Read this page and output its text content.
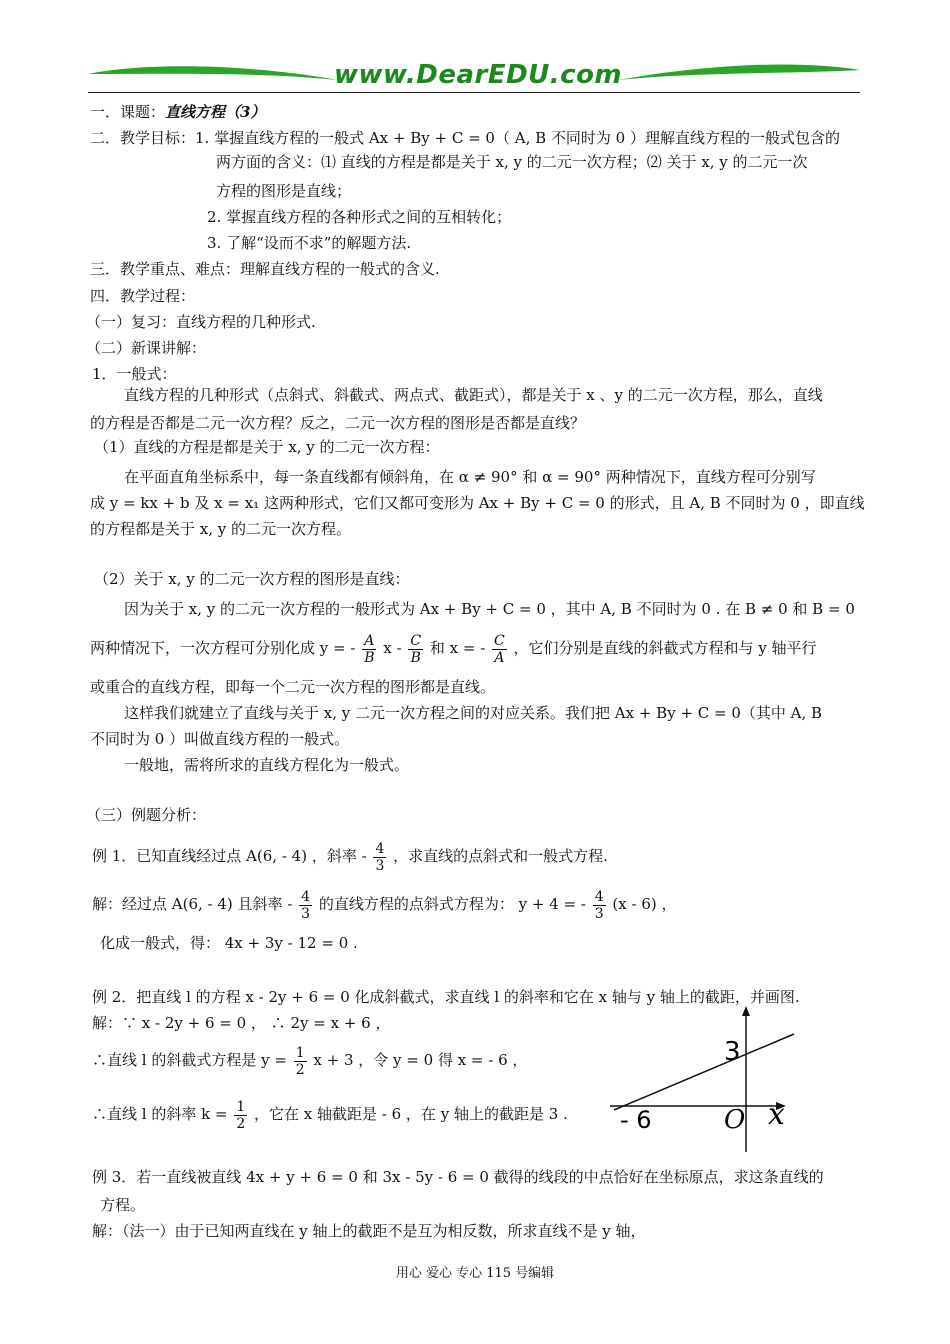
www.DearEDU.com
一．课题：直线方程（3）
二．教学目标：1. 掌握直线方程的一般式 Ax + By + C = 0（ A, B 不同时为 0 ）理解直线方程的一般式包含的
两方面的含义：⑴ 直线的方程是都是关于 x, y 的二元一次方程；⑵ 关于 x, y 的二元一次
方程的图形是直线；
2. 掌握直线方程的各种形式之间的互相转化；
3. 了解“设而不求”的解题方法.
三．教学重点、难点：理解直线方程的一般式的含义.
四．教学过程：
（一）复习：直线方程的几种形式.
（二）新课讲解：
1．一般式：
直线方程的几种形式（点斜式、斜截式、两点式、截距式），都是关于 x 、y 的二元一次方程，那么，直线
的方程是否都是二元一次方程？反之，二元一次方程的图形是否都是直线？
（1）直线的方程是都是关于 x, y 的二元一次方程：
在平面直角坐标系中，每一条直线都有倾斜角，在 α ≠ 90° 和 α = 90° 两种情况下，直线方程可分别写
成 y = kx + b 及 x = x₁ 这两种形式，它们又都可变形为 Ax + By + C = 0 的形式，且 A, B 不同时为 0 ，即直线
的方程都是关于 x, y 的二元一次方程。
（2）关于 x, y 的二元一次方程的图形是直线：
因为关于 x, y 的二元一次方程的一般形式为 Ax + By + C = 0 ，其中 A, B 不同时为 0 . 在 B ≠ 0 和 B = 0
两种情况下，一次方程可分别化成 y = - $\frac{A}{B}$ x - $\frac{C}{B}$ 和 x = - $\frac{C}{A}$ ，它们分别是直线的斜截式方程和与 y 轴平行
或重合的直线方程，即每一个二元一次方程的图形都是直线。
这样我们就建立了直线与关于 x, y 二元一次方程之间的对应关系。我们把 Ax + By + C = 0（其中 A, B
不同时为 0 ）叫做直线方程的一般式。
一般地，需将所求的直线方程化为一般式。
（三）例题分析：
例 1．已知直线经过点 A(6, - 4) ，斜率 - $\frac{4}{3}$ ，求直线的点斜式和一般式方程.
解：经过点 A(6, - 4) 且斜率 - $\frac{4}{3}$ 的直线方程的点斜式方程为： y + 4 = - $\frac{4}{3} (x - 6)$ ，
化成一般式，得： 4x + 3y - 12 = 0 .
例 2．把直线 l 的方程 x - 2y + 6 = 0 化成斜截式，求直线 l 的斜率和它在 x 轴与 y 轴上的截距，并画图.
解：∵ x - 2y + 6 = 0 ， ∴ 2y = x + 6 ，
∴直线 l 的斜截式方程是 $y = \frac{1}{2}$ x + 3 ，令 y = 0 得 x = - 6 ，
∴直线 l 的斜率 $k = \frac{1}{2}$ ，它在 x 轴截距是 - 6 ，在 y 轴上的截距是 3 .
3
- 6	O x
例 3．若一直线被直线 4x + y + 6 = 0 和 3x - 5y - 6 = 0 截得的线段的中点恰好在坐标原点，求这条直线的
方程。
解：（法一）由于已知两直线在 y 轴上的截距不是互为相反数，所求直线不是 y 轴，
用心 爱心 专心 115 号编辑
